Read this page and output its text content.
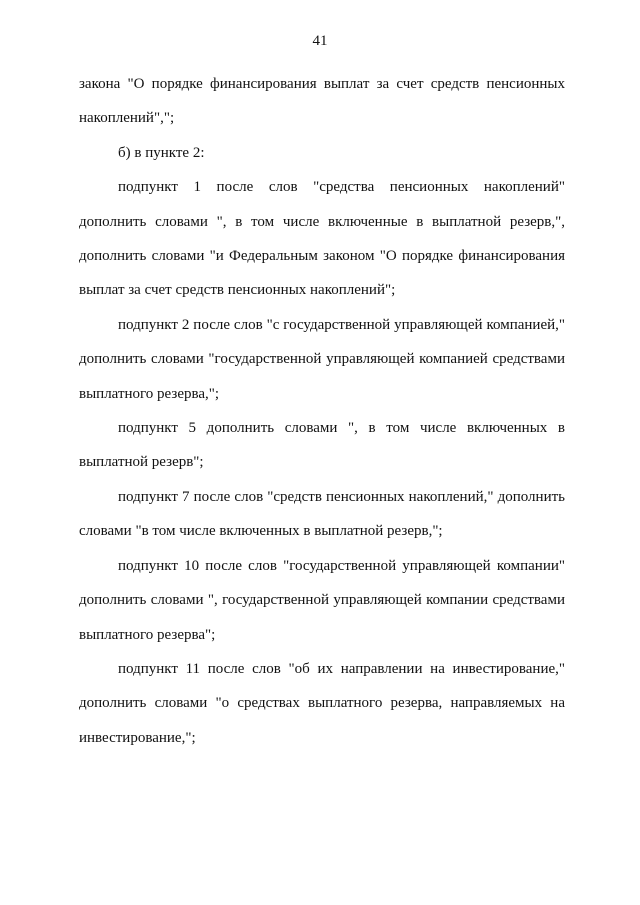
41

закона "О порядке финансирования выплат за счет средств пенсионных накоплений",";

б) в пункте 2:

подпункт 1 после слов "средства пенсионных накоплений" дополнить словами ", в том числе включенные в выплатной резерв,", дополнить словами "и Федеральным законом "О порядке финансирования выплат за счет средств пенсионных накоплений";

подпункт 2 после слов "с государственной управляющей компанией," дополнить словами "государственной управляющей компанией средствами выплатного резерва,";

подпункт 5 дополнить словами ", в том числе включенных в выплатной резерв";

подпункт 7 после слов "средств пенсионных накоплений," дополнить словами "в том числе включенных в выплатной резерв,";

подпункт 10 после слов "государственной управляющей компании" дополнить словами ", государственной управляющей компании средствами выплатного резерва";

подпункт 11 после слов "об их направлении на инвестирование," дополнить словами "о средствах выплатного резерва, направляемых на инвестирование,";
